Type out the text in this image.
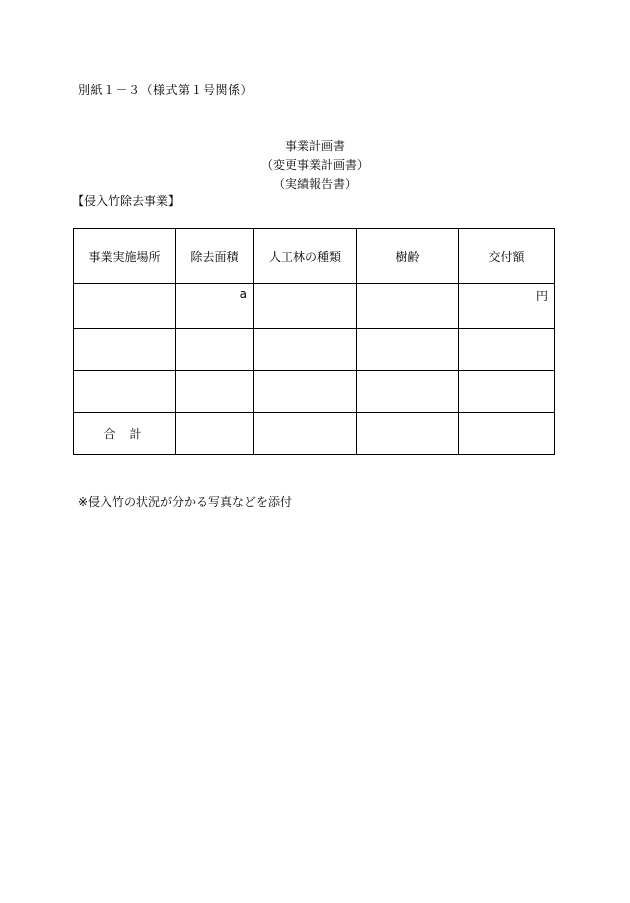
別紙１－３（様式第１号関係）
事業計画書
（変更事業計画書）
（実績報告書）
【侵入竹除去事業】
事業実施場所	除去面積	人工林の種類	樹齢	交付額
	a			円

合計				
※侵入竹の状況が分かる写真などを添付
